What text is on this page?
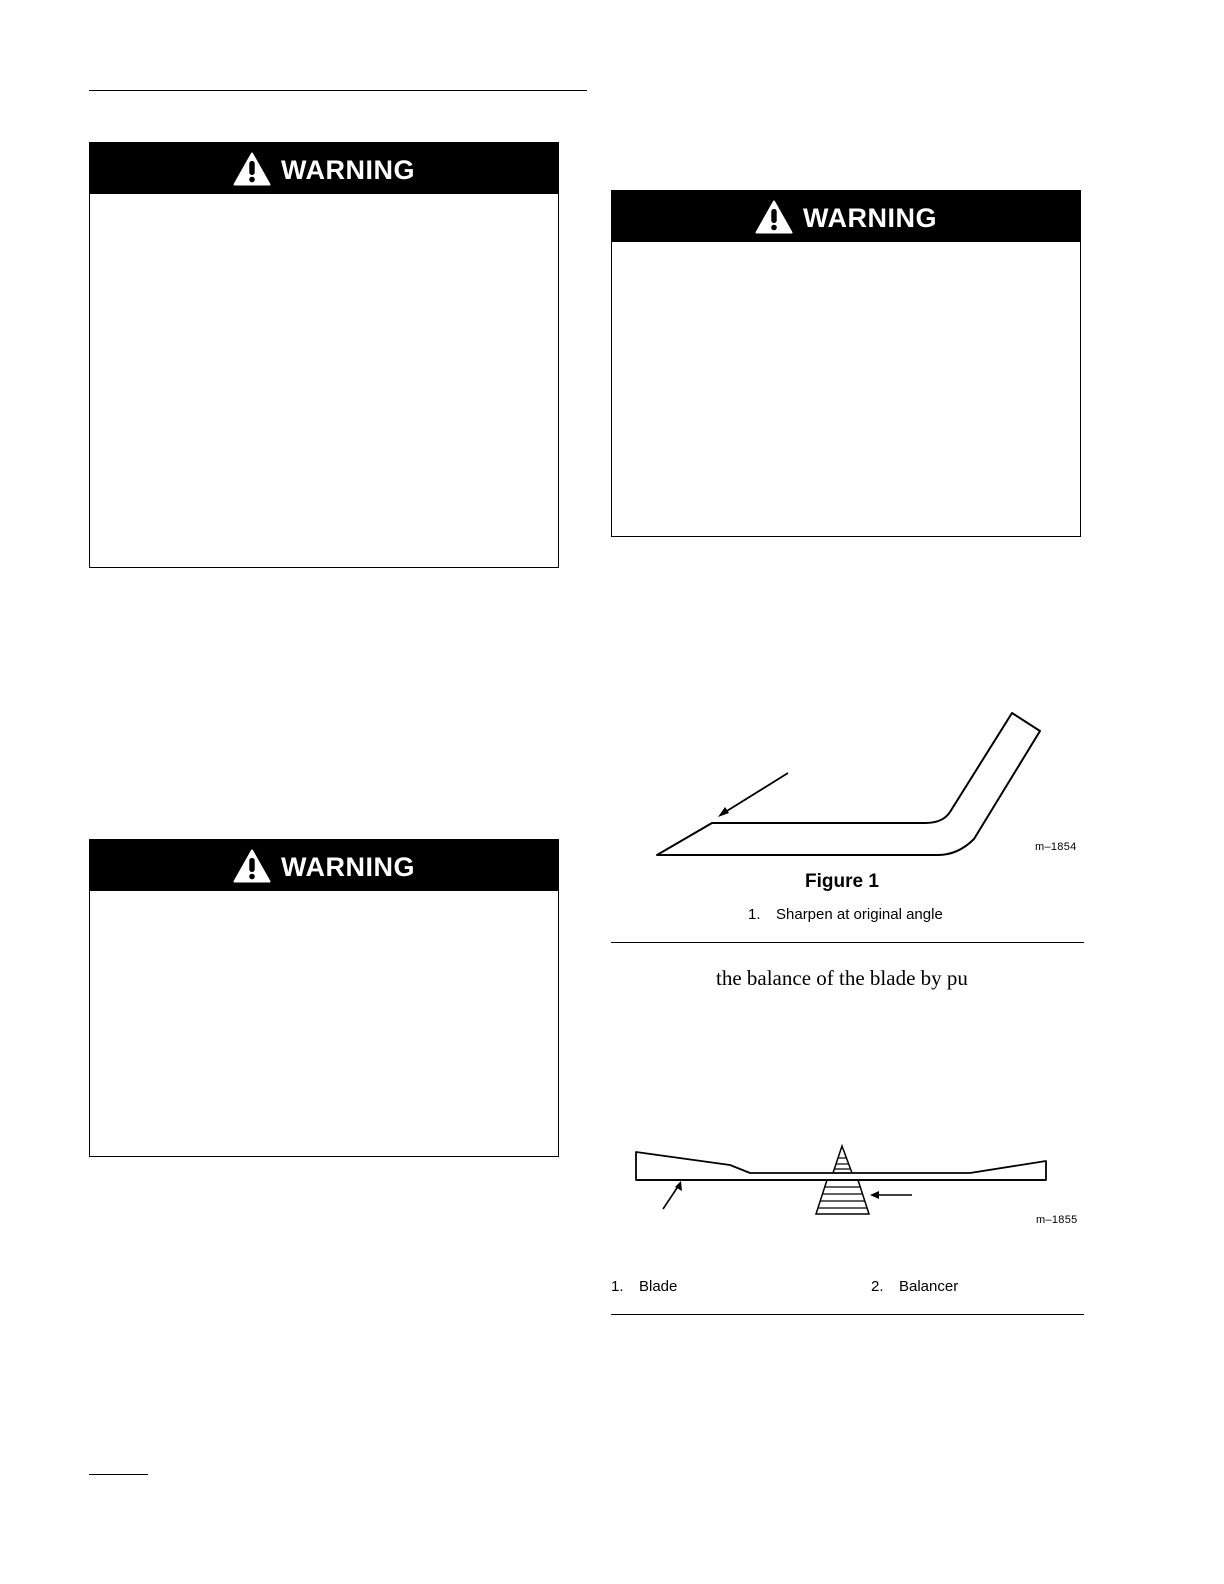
WARNING
WARNING
WARNING
m–1854
Figure 1
1. Sharpen at original angle
the balance of the blade by pu
m–1855
1. Blade	2. Balancer
